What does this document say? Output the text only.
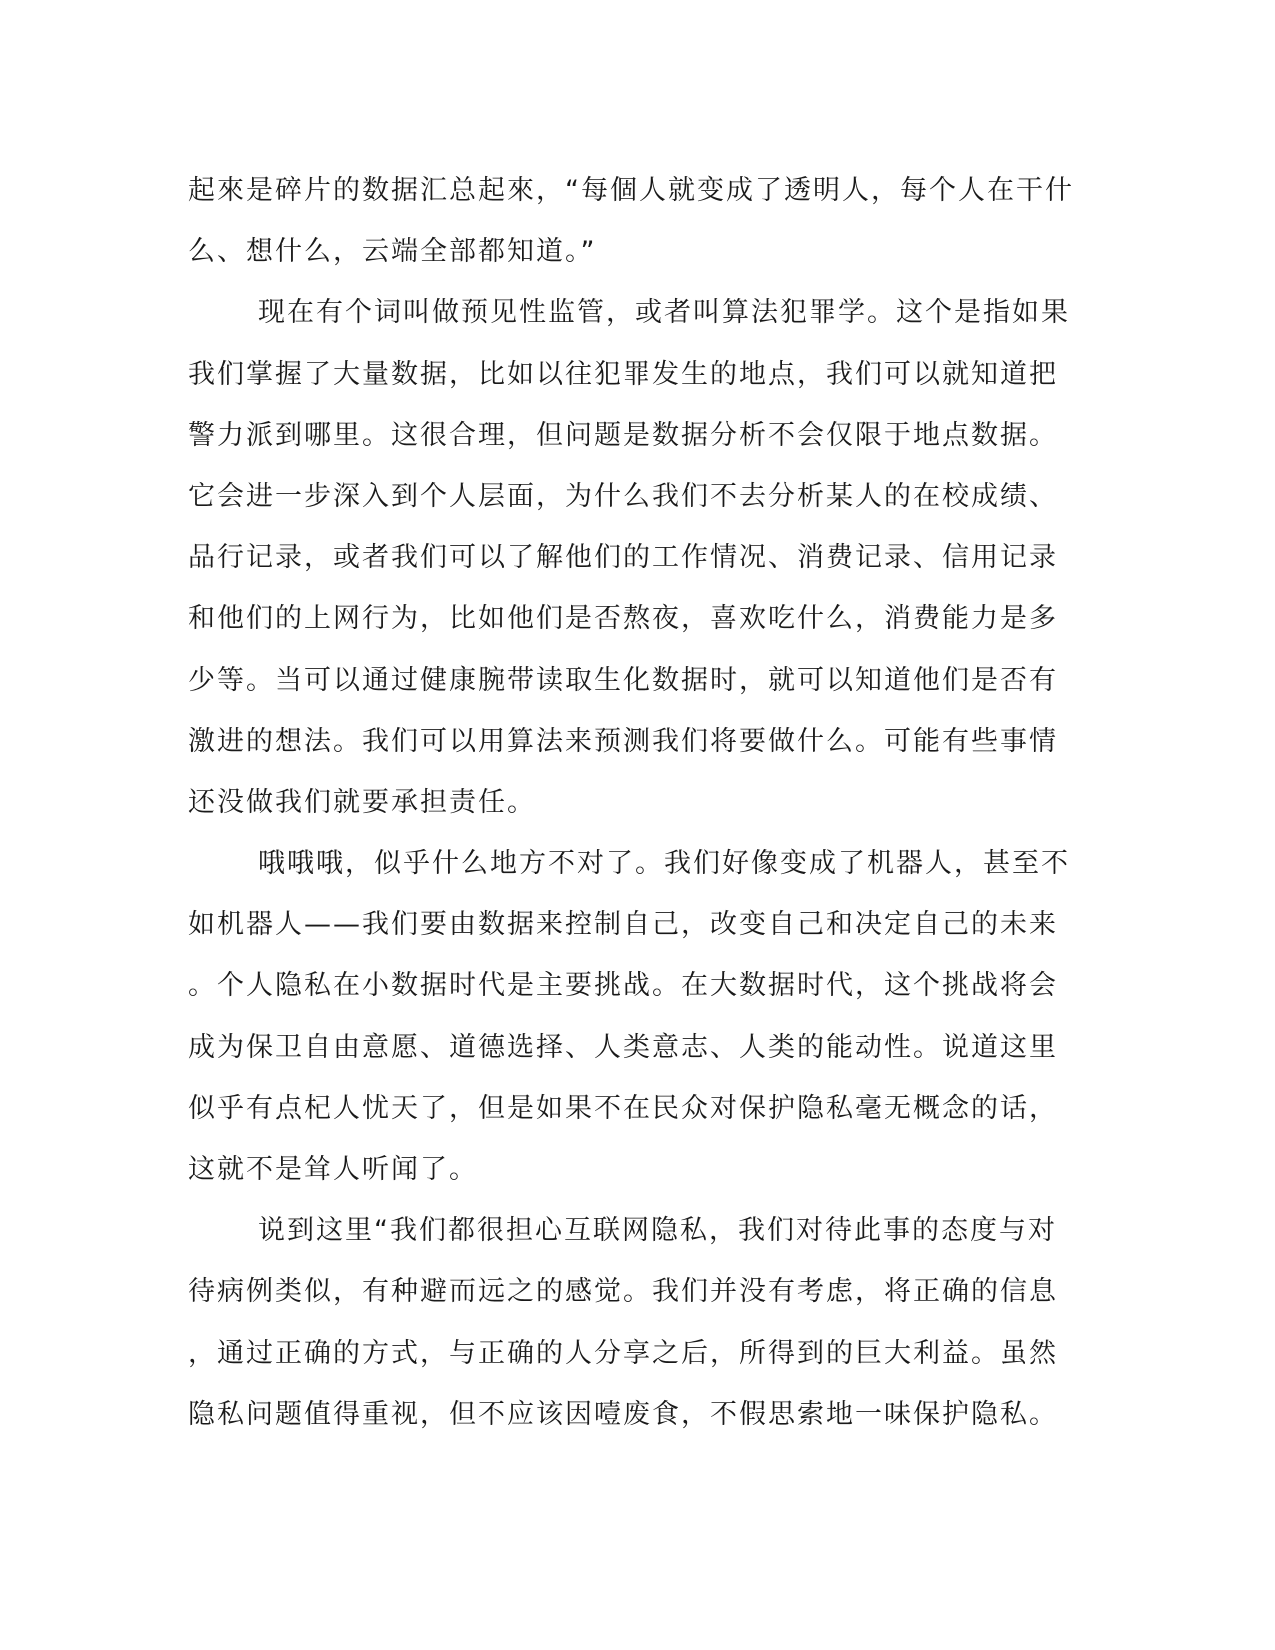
起來是碎片的数据汇总起來，“每個人就变成了透明人，每个人在干什
么、想什么，云端全部都知道。”
现在有个词叫做预见性监管，或者叫算法犯罪学。这个是指如果
我们掌握了大量数据，比如以往犯罪发生的地点，我们可以就知道把
警力派到哪里。这很合理，但问题是数据分析不会仅限于地点数据。
它会进一步深入到个人层面，为什么我们不去分析某人的在校成绩、
品行记录，或者我们可以了解他们的工作情况、消费记录、信用记录
和他们的上网行为，比如他们是否熬夜，喜欢吃什么，消费能力是多
少等。当可以通过健康腕带读取生化数据时，就可以知道他们是否有
激进的想法。我们可以用算法来预测我们将要做什么。可能有些事情
还没做我们就要承担责任。
哦哦哦，似乎什么地方不对了。我们好像变成了机器人，甚至不
如机器人——我们要由数据来控制自己，改变自己和决定自己的未来
。个人隐私在小数据时代是主要挑战。在大数据时代，这个挑战将会
成为保卫自由意愿、道德选择、人类意志、人类的能动性。说道这里
似乎有点杞人忧天了，但是如果不在民众对保护隐私毫无概念的话，
这就不是耸人听闻了。
说到这里“我们都很担心互联网隐私，我们对待此事的态度与对
待病例类似，有种避而远之的感觉。我们并没有考虑，将正确的信息
，通过正确的方式，与正确的人分享之后，所得到的巨大利益。虽然
隐私问题值得重视，但不应该因噎废食，不假思索地一味保护隐私。
